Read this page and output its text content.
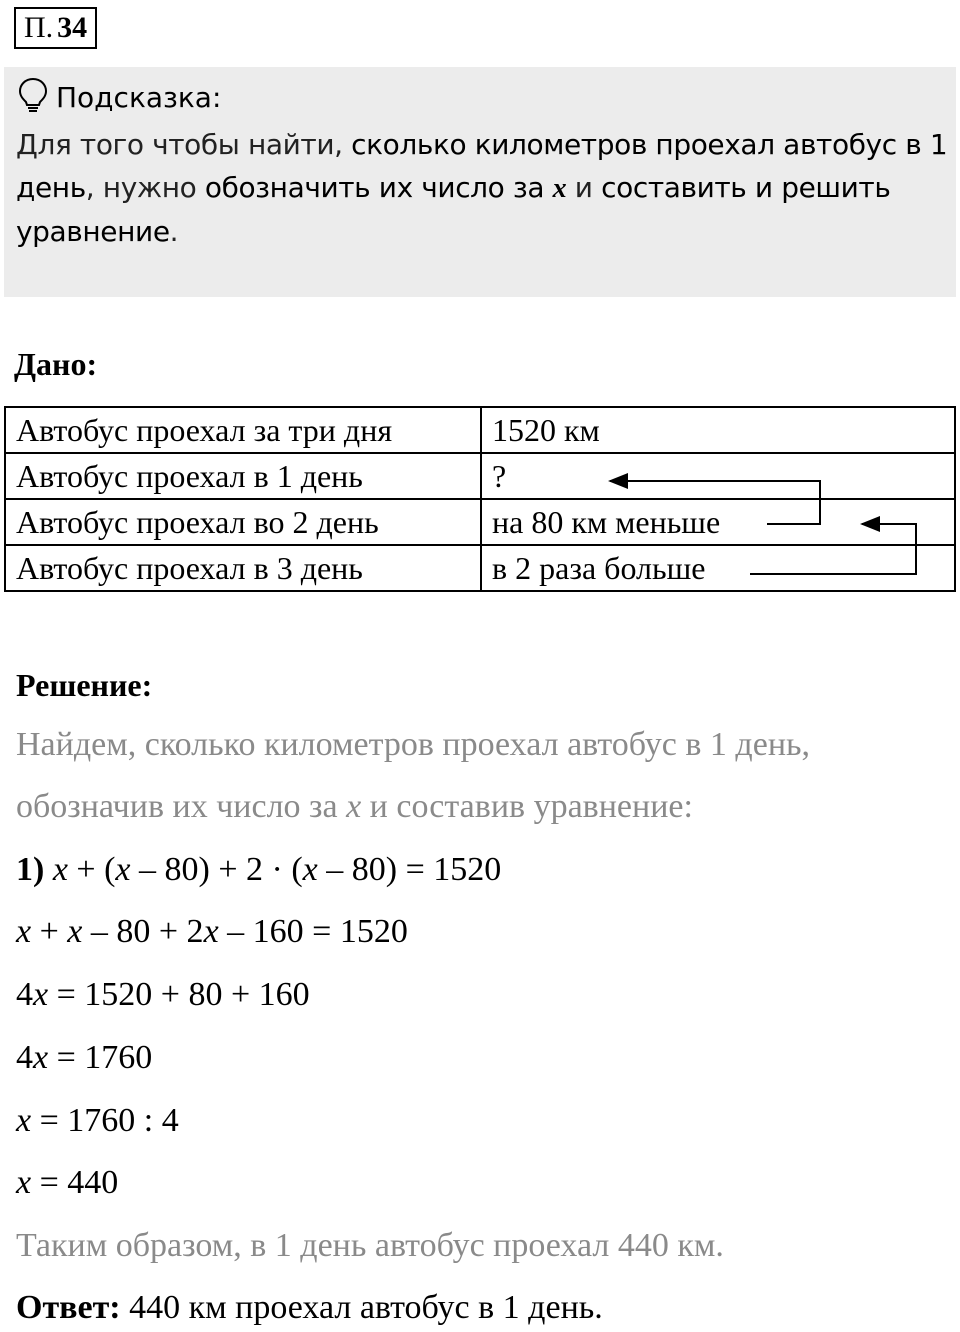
П. 34
Подсказка:
Для того чтобы найти, сколько километров проехал автобус в 1 день, нужно обозначить их число за x и составить и решить уравнение.
Дано:
Автобус проехал за три дня	1520 км
Автобус проехал в 1 день	?
Автобус проехал во 2 день	на 80 км меньше
Автобус проехал в 3 день	в 2 раза больше
Решение:
Найдем, сколько километров проехал автобус в 1 день,
обозначив их число за x и составив уравнение:
1) x + (x – 80) + 2 · (x – 80) = 1520
x + x – 80 + 2x – 160 = 1520
4x = 1520 + 80 + 160
4x = 1760
x = 1760 : 4
x = 440
Таким образом, в 1 день автобус проехал 440 км.
Ответ: 440 км проехал автобус в 1 день.
